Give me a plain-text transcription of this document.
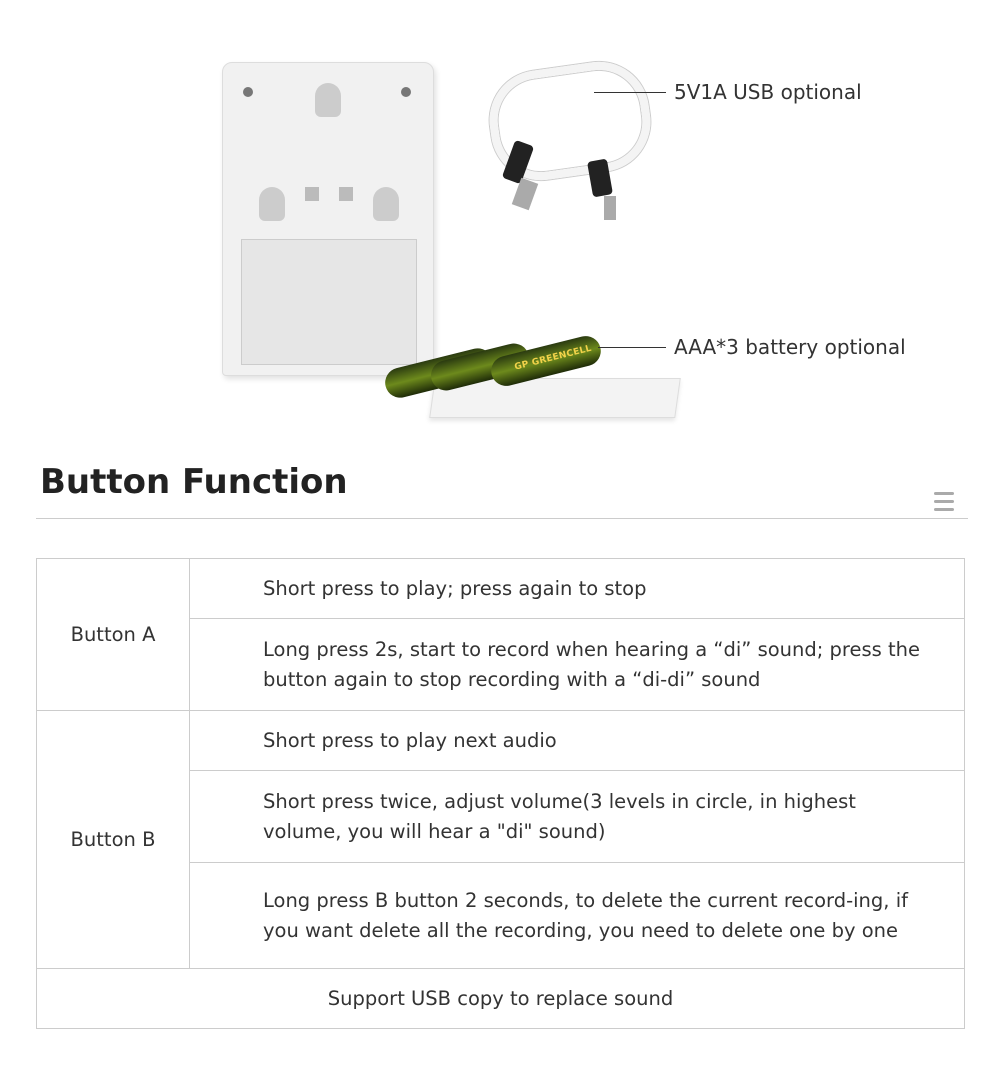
GP GREENCELL
5V1A USB optional
AAA*3 battery optional
Button Function
Button A	Short press to play; press again to stop
	Long press 2s, start to record when hearing a “di” sound; press the button again to stop recording with a “di-di” sound
Button B	Short press to play next audio
	Short press twice, adjust volume(3 levels in circle, in highest volume, you will hear a "di" sound)
	Long press B button 2 seconds, to delete the current record-ing, if you want delete all the recording, you need to delete one by one
Support USB copy to replace sound	
